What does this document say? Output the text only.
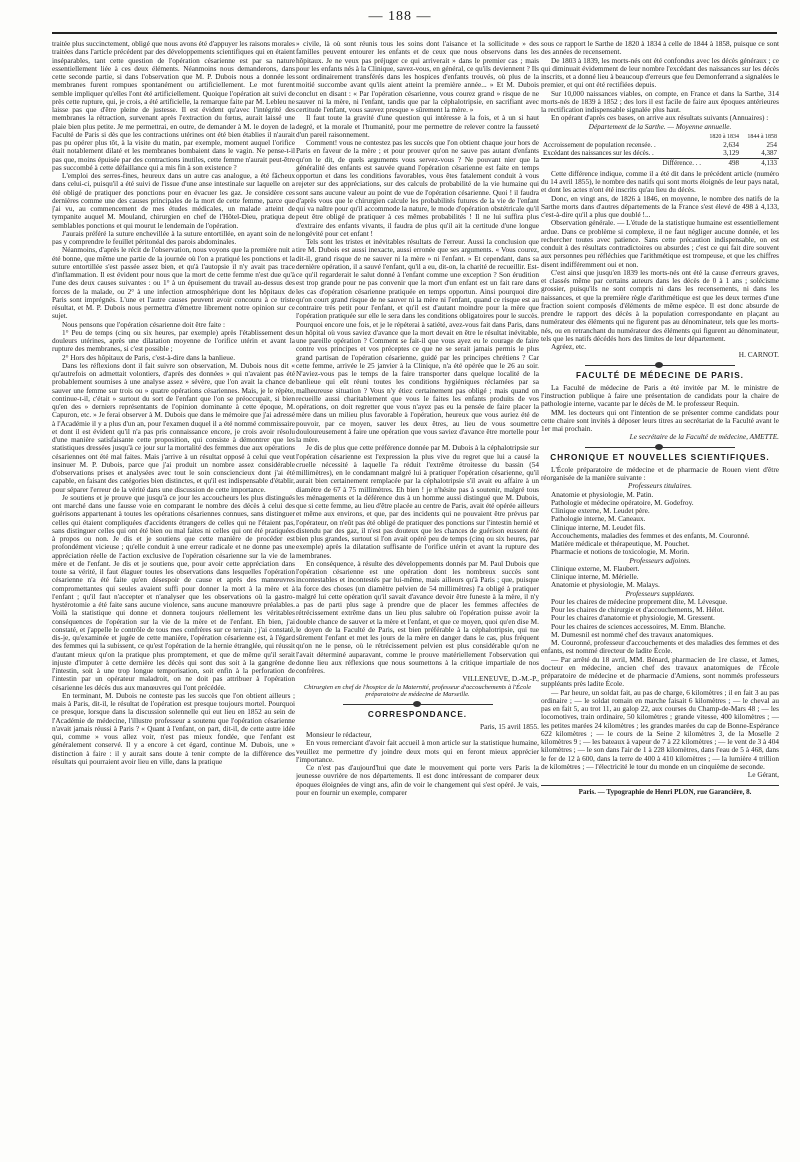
— 188 —

traitée plus succinctement, obligé que nous avons été d'appuyer les raisons morales traitées dans l'article précédent par des développements scientifiques qui en étaient inséparables, tant cette question de l'opération césarienne est par sa nature essentiellement liée à ces deux éléments. Néanmoins nous demanderons, dans cette seconde partie, si dans l'observation que M. P. Dubois nous a donnée les membranes furent rompues spontanément ou artificiellement. Le mot furent semble impliquer qu'elles l'ont été artificiellement. Quoique l'opération ait suivi de près cette rupture, qui, je crois, a été artificielle, la remarque faite par M. Lebleu ne laisse pas que d'être pleine de justesse. Il est évident qu'avec l'intégrité des membranes la rétraction, survenant après l'extraction du fœtus, aurait laissé une plaie bien plus petite. Je me permettrai, en outre, de demander à M. le doyen de la Faculté de Paris si dès que les contractions utérines ont été bien établies il n'aurait pas pu opérer plus tôt, à la visite du matin, par exemple, moment auquel l'orifice était notablement dilaté et les membranes bombaient dans le vagin. Ne pense-t-il pas que, moins épuisée par des contractions inutiles, cette femme n'aurait peut-être pas succombé à cette défaillance qui a mis fin à son existence ?

L'emploi des serres-fines, heureux dans un autre cas analogue, a été fâcheux dans celui-ci, puisqu'il a été suivi de l'issue d'une anse intestinale sur laquelle on a été obligé de pratiquer des ponctions pour en évacuer les gaz. Je considère ces dernières comme une des causes principales de la mort de cette femme, parce que j'ai vu, au commencement de mes études médicales, un malade atteint de tympanite auquel M. Mouland, chirurgien en chef de l'Hôtel-Dieu, pratiqua de semblables ponctions et qui mourut le lendemain de l'opération.

J'aurais préféré la suture enchevillée à la suture entortillée, en ayant soin de ne pas y comprendre le feuillet péritonéal des parois abdominales.

Néanmoins, d'après le récit de l'observation, nous voyons que la première nuit a été bonne, que même une partie de la journée où l'on a pratiqué les ponctions et la suture entortillée s'est passée assez bien, et qu'à l'autopsie il n'y avait pas trace d'inflammation. Il est évident pour nous que la mort de cette femme n'est due qu'à l'une des deux causes suivantes : ou 1° à un épuisement du travail au-dessus des forces de la malade, ou 2° à une infection atmosphérique dont les hôpitaux de Paris sont imprégnés. L'une et l'autre causes peuvent avoir concouru à ce triste résultat, et M. P. Dubois nous permettra d'émettre librement notre opinion sur ce sujet.

Nous pensons que l'opération césarienne doit être faite :

1° Peu de temps (cinq ou six heures, par exemple) après l'établissement des douleurs utérines, après une dilatation moyenne de l'orifice utérin et avant la rupture des membranes, si c'est possible ;

2° Hors des hôpitaux de Paris, c'est-à-dire dans la banlieue.

Dans les réflexions dont il fait suivre son observation, M. Dubois nous dit « qu'autrefois on admettait volontiers, d'après des données » qui n'avaient pas été probablement soumises à une analyse assez » sévère, que l'on avait la chance de sauver une femme sur trois ou » quatre opérations césariennes. Mais, je le répète, continue-t-il, c'était » surtout du sort de l'enfant que l'on se préoccupait, si bien qu'en des » derniers représentants de l'opinion dominante à cette époque, M. Capuron, etc. » Je ferai observer à M. Dubois que dans le mémoire que j'ai adressé à l'Académie il y a plus d'un an, pour l'examen duquel il a été nommé commissaire et dont il est évident qu'il n'a pas pris connaissance encore, je crois avoir résolu d'une manière satisfaisante cette proposition, qui consiste à démontrer que les statistiques dressées jusqu'à ce jour sur la mortalité des femmes due aux opérations césariennes ont été mal faites. Mais j'arrive à un résultat opposé à celui que veut insinuer M. P. Dubois, parce que j'ai produit un nombre assez considérable d'observations prises et analysées avec tout le soin consciencieux dont j'ai été capable, en faisant des catégories bien distinctes, et qu'il est indispensable d'établir, pour séparer l'erreur de la vérité dans une discussion de cette importance.

Je soutiens et je prouve que jusqu'à ce jour les accoucheurs les plus distingués ont marché dans une fausse voie en comparant le nombre des décès à celui des guérisons appartenant à toutes les opérations césariennes connues, sans distinguer celles qui étaient compliquées d'accidents étrangers de celles qui ne l'étaient pas, sans distinguer celles qui ont été bien ou mal faites ni celles qui ont été pratiquées à propos ou non. Je dis et je soutiens que cette manière de procéder est profondément vicieuse ; qu'elle conduit à une erreur radicale et ne donne pas une appréciation réelle de l'action exclusive de l'opération césarienne sur la vie de la mère et de l'enfant. Je dis et je soutiens que, pour avoir cette appréciation dans toute sa vérité, il faut élaguer toutes les observations dans lesquelles l'opération césarienne n'a été faite qu'en désespoir de cause et après des manœuvres compromettantes qui seules avaient suffi pour donner la mort à la mère et à l'enfant ; qu'il faut n'accepter et n'analyser que les observations où la gastro-hystérotomie a été faite sans aucune violence, sans aucune manœuvre préalables. Voilà la statistique qui donne et donnera toujours réellement les véritables conséquences de l'opération sur la vie de la mère et de l'enfant. Eh bien, j'ai constaté, et j'appelle le contrôle de tous mes confrères sur ce terrain ; j'ai constaté, dis-je, qu'examinée et jugée de cette manière, l'opération césarienne est, à l'égard des femmes qui la subissent, ce qu'est l'opération de la hernie étranglée, qui réussit d'autant mieux qu'on la pratique plus promptement, et que de même qu'il serait injuste d'imputer à cette dernière les décès qui sont dus soit à la gangrène de l'intestin, soit à une trop longue temporisation, soit enfin à la perforation de l'intestin par un opérateur maladroit, on ne doit pas attribuer à l'opération césarienne les décès dus aux manœuvres qui l'ont précédée.

En terminant, M. Dubois ne conteste pas les succès que l'on obtient ailleurs ; mais à Paris, dit-il, le résultat de l'opération est presque toujours mortel. Pourquoi ce presque, lorsque dans la discussion solennelle qui eut lieu en 1852 au sein de l'Académie de médecine, l'illustre professeur a soutenu que l'opération césarienne n'avait jamais réussi à Paris ? « Quant à l'enfant, on part, dit-il, de cette autre idée qui, comme » vous allez voir, n'est pas mieux fondée, que l'enfant est généralement conservé. Il y a encore à cet égard, continue M. Dubois, une » distinction à faire : il y aurait sans doute à tenir compte de la différence des résultats qui pourraient avoir lieu en ville, dans la pratique

» civile, là où sont réunis tous les soins dont l'aisance et la sollicitude » des familles peuvent entourer les enfants et de ceux que nous observons dans les hôpitaux. Je ne veux pas préjuger ce qui arriverait » dans le premier cas ; mais pour les enfants nés à la Clinique, savez-vous, en général, ce qu'ils deviennent ? Ils sont ordinairement transférés dans les hospices d'enfants trouvés, où plus de la moitié succombe avant qu'ils aient atteint la première année... » Et M. Dubois conclut en disant : « Par l'opération césarienne, vous courez grand » risque de ne sauver ni la mère, ni l'enfant, tandis que par la céphalotripsie, en sacrifiant avec certitude l'enfant, vous sauvez presque » sûrement la mère. »

Il faut toute la gravité d'une question qui intéresse à la fois, et à un si haut degré, et la morale et l'humanité, pour me permettre de relever contre la fausseté d'un pareil raisonnement.

Comment! vous ne contestez pas les succès que l'on obtient chaque jour hors de Paris en faveur de la mère ; et pour prouver qu'on ne sauve pas autant d'enfants qu'on le dit, de quels arguments vous servez-vous ? Ne pouvant nier que la généralité des enfants est sauvée quand l'opération césarienne est faite en temps opportun et dans les conditions favorables, vous êtes fatalement conduit à vous rejeter sur des appréciations, sur des calculs de probabilité de la vie humaine qui sont sans aucune valeur au point de vue de l'opération césarienne. Quoi ! il faudra d'après vous que le chirurgien calcule les probabilités futures de la vie de l'enfant qui va naître pour qu'il accommode la nature, le mode d'opération obstétricale qu'il peut être obligé de pratiquer à ces mêmes probabilités ! Il ne lui suffira plus d'extraire des enfants vivants, il faudra de plus qu'il ait la certitude d'une longue longévité pour cet enfant !

Tels sont les tristes et inévitables résultats de l'erreur. Aussi la conclusion que tire M. Dubois est aussi inexacte, aussi erronée que ses arguments. « Vous courez, dit-il, grand risque de ne sauver ni la mère » ni l'enfant. » Et cependant, dans sa dernière opération, il a sauvé l'enfant, qu'il a eu, dit-on, la charité de recueillir. Est-ce qu'il regarderait le salut donné à l'enfant comme une exception ? Son érudition est trop grande pour ne pas convenir que la mort d'un enfant est un fait rare dans les cas d'opération césarienne pratiquée en temps opportun. Ainsi pourquoi dire qu'on court grand risque de ne sauver ni la mère ni l'enfant, quand ce risque est au contraire très petit pour l'enfant, et qu'il est d'autant moindre pour la mère que l'opération pratiquée sur elle le sera dans les conditions obligatoires pour le succès. Pourquoi encore une fois, et je le répéterai à satiété, avez-vous fait dans Paris, dans un hôpital où vous saviez d'avance que la mort devait en être le résultat inévitable, une pareille opération ? Comment se fait-il que vous ayez eu le courage de faire contre vos principes et vos préceptes ce que ne se serait jamais permis le plus grand partisan de l'opération césarienne, guidé par les principes chrétiens ? Car cette femme, arrivée le 25 janvier à la Clinique, n'a été opérée que le 26 au soir. N'aviez-vous pas le temps de la faire transporter dans quelque localité de la banlieue qui eût réuni toutes les conditions hygiéniques réclamées par sa malheureuse situation ? Vous n'y étiez certainement pas obligé ; mais quand on recueille aussi charitablement que vous le faites les enfants produits de vos opérations, on doit regretter que vous n'ayez pas eu la pensée de faire placer la mère dans un milieu plus favorable à l'opération, heureux que vous auriez été de pouvoir, par ce moyen, sauver les deux êtres, au lieu de vous soumettre douloureusement à faire une opération que vous saviez d'avance être mortelle pour la mère.

Je dis de plus que cette préférence donnée par M. Dubois à la céphalotripsie sur l'opération césarienne est l'expression la plus vive du regret que lui a causé la cruelle nécessité à laquelle l'a réduit l'extrême étroitesse du bassin (54 millimètres), en le condamnant malgré lui à pratiquer l'opération césarienne, qu'il aurait bien certainement remplacée par la céphalotripsie s'il avait eu affaire à un diamètre de 67 à 75 millimètres. Eh bien ! je n'hésite pas à soutenir, malgré tous les ménagements et la déférence dus à un homme aussi distingué que M. Dubois, que si cette femme, au lieu d'être placée au centre de Paris, avait été opérée ailleurs et même aux environs, et que, par des incidents qui ne pouvaient être prévus par l'opérateur, on n'eût pas été obligé de pratiquer des ponctions sur l'intestin hernié et distendu par des gaz, il n'est pas douteux que les chances de guérison eussent été bien plus grandes, surtout si l'on avait opéré peu de temps (cinq ou six heures, par exemple) après la dilatation suffisante de l'orifice utérin et avant la rupture des membranes.

En conséquence, à résulte des développements donnés par M. Paul Dubois que l'opération césarienne est une opération dont les nombreux succès sont incontestables et incontestés par lui-même, mais ailleurs qu'à Paris ; que, puisque la force des choses (un diamètre pelvien de 54 millimètres) l'a obligé à pratiquer malgré lui cette opération qu'il savait d'avance devoir être funeste à la mère, il n'y a pas de parti plus sage à prendre que de placer les femmes affectées de rétrécissement extrême dans un lieu plus salubre où l'opération puisse avoir la double chance de sauver et la mère et l'enfant, et que ce moyen, quoi qu'en dise M. le doyen de la Faculté de Paris, est bien préférable à la céphalotripsie, qui tue sûrement l'enfant et met les jours de la mère en danger dans le cas, plus fréquent qu'on ne le pense, où le rétrécissement pelvien est plus considérable qu'on ne l'avait déterminé auparavant, comme le prouve matériellement l'observation qui donne lieu aux réflexions que nous soumettons à la critique impartiale de nos confrères.

VILLENEUVE, D.-M.-P.,

Chirurgien en chef de l'hospice de la Maternité, professeur d'accouchements à l'École préparatoire de médecine de Marseille.

CORRESPONDANCE.

Paris, 15 avril 1855.

Monsieur le rédacteur,

En vous remerciant d'avoir fait accueil à mon article sur la statistique humaine, veuillez me permettre d'y joindre deux mots qui en feront mieux apprécier l'importance.

Ce n'est pas d'aujourd'hui que date le mouvement qui porte vers Paris la jeunesse ouvrière de nos départements. Il est donc intéressant de comparer deux époques éloignées de vingt ans, afin de voir le changement qui s'est opéré. Je vais, pour en fournir un exemple, comparer

sous ce rapport le Sarthe de 1820 à 1834 à celle de 1844 à 1858, puisque ce sont des années de recensement.

De 1803 à 1839, les morts-nés ont été confondus avec les décès généraux ; ce qui diminuait évidemment de leur nombre l'excédant des naissances sur les décès inscrits, et a donné lieu à beaucoup d'erreurs que feu Demonferrand a signalées le premier, et qui ont été rectifiées depuis.

Sur 10,000 naissances viables, on compte, en France et dans la Sarthe, 314 morts-nés de 1839 à 1852 ; des lors il est facile de faire aux époques antérieures la rectification indispensable signalée plus haut.

En opérant d'après ces bases, on arrive aux résultats suivants (Annuaires) :

Département de la Sarthe. — Moyenne annuelle.

	1820 à 1834	1844 à 1858
Accroissement de population recensée. .	2,634	254
Excédant des naissances sur les décès. .	3,129	4,387
Différence. . .	498	4,133

Cette différence indique, comme il a été dit dans le précédent article (numéro du 14 avril 1855), le nombre des natifs qui sont morts éloignés de leur pays natal, et dont les actes n'ont été inscrits qu'au lieu du décès.

Donc, en vingt ans, de 1826 à 1846, en moyenne, le nombre des natifs de la Sarthe morts dans d'autres départements de la France s'est élevé de 498 à 4,133, c'est-à-dire qu'il a plus que doublé !...

Observation générale. — L'étude de la statistique humaine est essentiellement ardue. Dans ce problème si complexe, il ne faut négliger aucune donnée, et les rechercher toutes avec patience. Sans cette précaution indispensable, on est conduit à des résultats contradictoires ou absurdes ; c'est ce qui fait dire souvent aux personnes peu réfléchies que l'arithmétique est trompeuse, et que les chiffres disent indifféremment oui et non.

C'est ainsi que jusqu'en 1839 les morts-nés ont été la cause d'erreurs graves, et classés même par certains auteurs dans les décès de 0 à 1 ans ; solécisme grossier, puisqu'ils ne sont compris ni dans les recensements, ni dans les naissances, et que la première règle d'arithmétique est que les deux termes d'une fraction soient composés d'éléments de même espèce. Il est donc absurde de prendre le rapport des décès à la population correspondante en plaçant au numérateur des éléments qui ne figurent pas au dénominateur, tels que les morts-nés, ou en retranchant du numérateur des éléments qui figurent au dénominateur, tels que les natifs décédés hors des limites de leur département.

Agréez, etc.

H. CARNOT.

FACULTÉ DE MÉDECINE DE PARIS.

La Faculté de médecine de Paris a été invitée par M. le ministre de l'instruction publique à faire une présentation de candidats pour la chaire de pathologie interne, vacante par le décès de M. le professeur Requin.

MM. les docteurs qui ont l'intention de se présenter comme candidats pour cette chaire sont invités à déposer leurs titres au secrétariat de la Faculté avant le 1er mai prochain.

Le secrétaire de la Faculté de médecine, AMETTE.

CHRONIQUE ET NOUVELLES SCIENTIFIQUES.

L'École préparatoire de médecine et de pharmacie de Rouen vient d'être réorganisée de la manière suivante :

Professeurs titulaires.

Anatomie et physiologie, M. Patin.

Pathologie et médecine opératoire, M. Godefroy.

Clinique externe, M. Leudet père.

Pathologie interne, M. Caneaux.

Clinique interne, M. Leudet fils.

Accouchements, maladies des femmes et des enfants, M. Couronné.

Matière médicale et thérapeutique, M. Pouchet.

Pharmacie et notions de toxicologie, M. Morin.

Professeurs adjoints.

Clinique externe, M. Flaubert.

Clinique interne, M. Mérielle.

Anatomie et physiologie, M. Malays.

Professeurs suppléants.

Pour les chaires de médecine proprement dite, M. Lévesque.

Pour les chaires de chirurgie et d'accouchements, M. Hélot.

Pour les chaires d'anatomie et physiologie, M. Gressent.

Pour les chaires de sciences accessoires, M. Emm. Blanche.

M. Dumesnil est nommé chef des travaux anatomiques.

M. Couronné, professeur d'accouchements et des maladies des femmes et des enfants, est nommé directeur de ladite École.

— Par arrêté du 18 avril, MM. Bénard, pharmacien de 1re classe, et James, docteur en médecine, ancien chef des travaux anatomiques de l'École préparatoire de médecine et de pharmacie d'Amiens, sont nommés professeurs suppléants près ladite École.

— Par heure, un soldat fait, au pas de charge, 6 kilomètres ; il en fait 3 au pas ordinaire ; — le soldat romain en marche faisait 6 kilomètres ; — le cheval au pas en fait 5, au trot 11, au galop 22, aux courses du Champ-de-Mars 48 ; — les locomotives, train ordinaire, 50 kilomètres ; grande vitesse, 400 kilomètres ; — les petites marées 24 kilomètres ; les grandes marées du cap de Bonne-Espérance 622 kilomètres ; — le cours de la Seine 2 kilomètres 3, de la Moselle 2 kilomètres 9 ; — les bateaux à vapeur de 7 à 22 kilomètres ; — le vent de 3 à 404 kilomètres ; — le son dans l'air de 1 à 228 kilomètres, dans l'eau de 5 à 468, dans le fer de 12 à 600, dans la terre de 400 à 410 kilomètres ; — la lumière 4 trillion de kilomètres ; — l'électricité le tour du monde en un cinquième de seconde.

Le Gérant,

Paris. — Typographie de Henri PLON, rue Garancière, 8.
